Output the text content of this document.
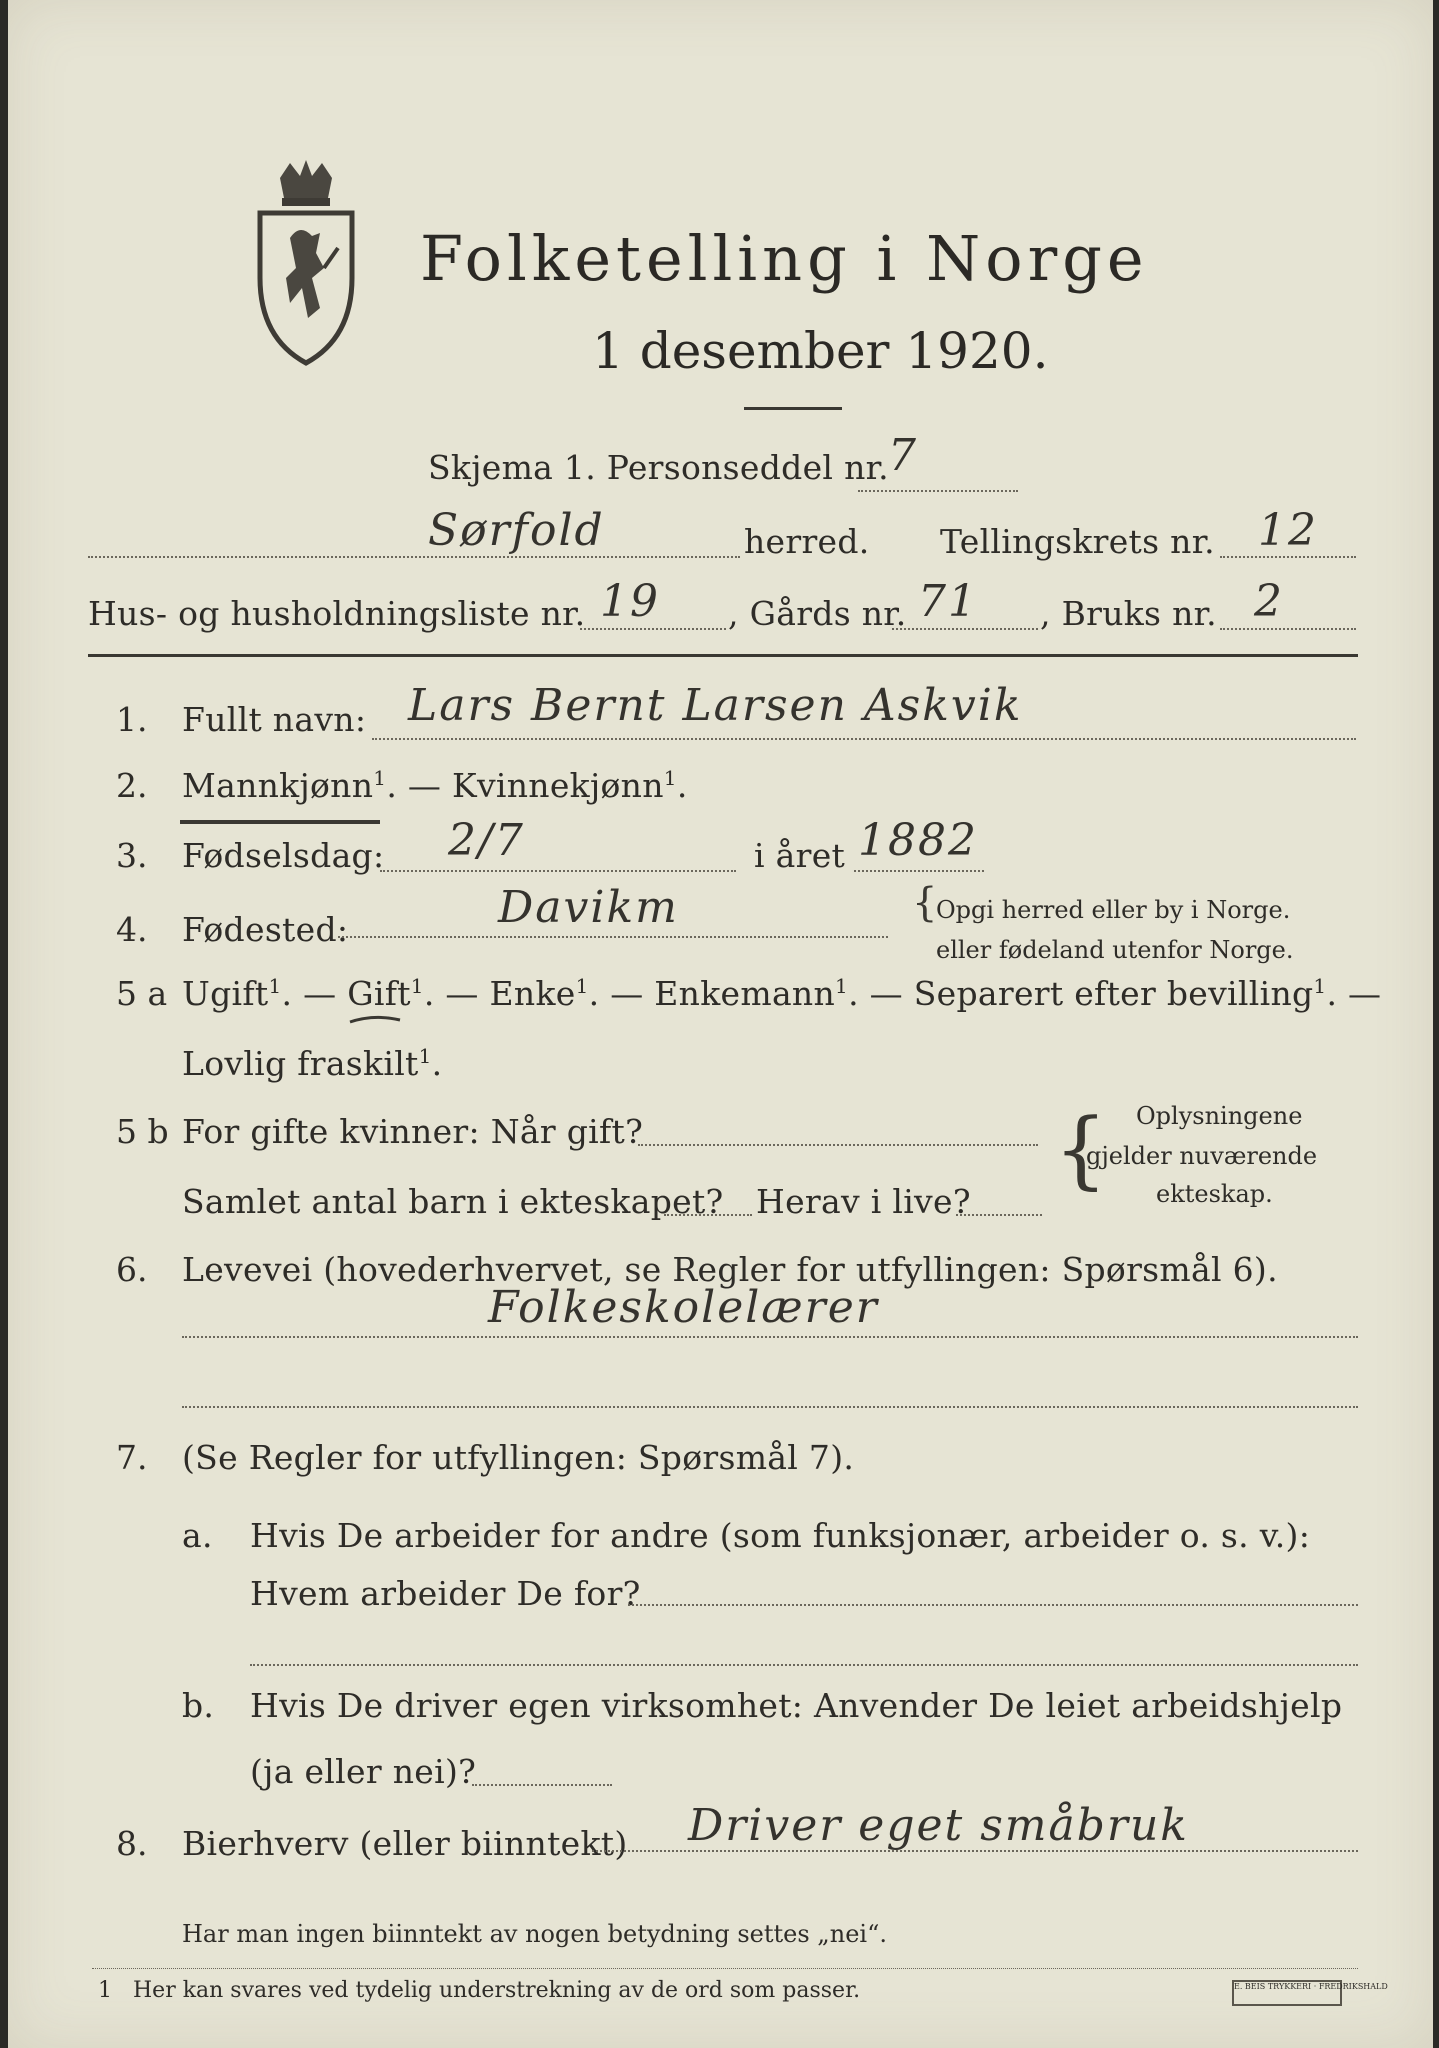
Folketelling i Norge
1 desember 1920.
Skjema 1. Personseddel nr. 7
Sørfold	herred. Tellingskrets nr. 12
Hus- og husholdningsliste nr. 19 , Gårds nr. 71 , Bruks nr. 2
1. Fullt navn: Lars Bernt Larsen Askvik
2. Mannkjønn$^1$. — Kvinnekjønn$^1$.
3. Fødselsdag: 2/7	i året 1882
4. Fødested:	Davikm	{
Opgi herred eller by i Norge.
eller fødeland utenfor Norge.
5 a Ugift$^1$. — Gift$^1$. — Enke$^1$. — Enkemann$^1$. — Separert efter bevilling$^1$. —
Lovlig fraskilt$^1$.
5 b For gifte kvinner: Når gift?
Samlet antal barn i ekteskapet? Herav i live?
{ Oplysningene
gjelder nuværende
ekteskap.
6. Levevei (hovederhvervet, se Regler for utfyllingen: Spørsmål 6).
Folkeskolelærer
7. (Se Regler for utfyllingen: Spørsmål 7).
a. Hvis De arbeider for andre (som funksjonær, arbeider o. s. v.):
Hvem arbeider De for?
b. Hvis De driver egen virksomhet: Anvender De leiet arbeidshjelp
(ja eller nei)?
8. Bierhverv (eller biinntekt) Driver eget småbruk
Har man ingen biinntekt av nogen betydning settes „nei“.
1 Her kan svares ved tydelig understrekning av de ord som passer.	E. BEIS TRYKKERI · FREDRIKSHALD
